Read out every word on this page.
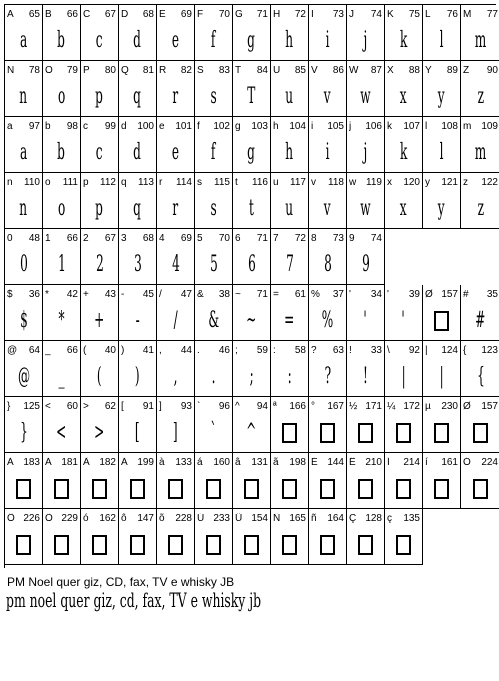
A 65
a
B 66
b
C 67
c
D 68
d
E 69
e
F 70
f
G 71
g
H 72
h
I 73
i
J 74
j
K 75
k
L 76
l
M 77
m
N 78
n
O 79
o
P 80
p
Q 81
q
R 82
r
S 83
s
T 84
T
U 85
u
V 86
v
W 87
w
X 88
x
Y 89
y
Z 90
z
a 97
a
b 98
b
c 99
c
d 100
d
e 101
e
f 102
f
g 103
g
h 104
h
i 105
i
j 106
j
k 107
k
l 108
l
m 109
m
n 110
n
o 111
o
p 112
p
q 113
q
r 114
r
s 115
s
t 116
t
u 117
u
v 118
v
w 119
w
x 120
x
y 121
y
z 122
z
0 48
0
1 66
1
2 67
2
3 68
3
4 69
4
5 70
5
6 71
6
7 72
7
8 73
8
9 74
9
$ 36
$
* 42
*
+ 43
+
- 45
-
/ 47
/
& 38
&
~ 71
~
= 61
=
% 37
%
' 34
'
' 39
'
Ø 157 # 35
#
@ 64
@
_ 66
_
( 40
(
) 41
)
, 44
,
. 46
.
; 59
;
: 58
:
? 63
?
! 33
!
\ 92
|
| 124
|
{ 123
{
} 125
}
< 60
<
> 62
>
[ 91
[
] 93
]
` 96
`
^ 94
^
ª 166 ° 167 ½ 171 ¼ 172 µ 230 Ø 157
À 183 Á 181 Â 182 Ã 199 à 133 á 160 â 131 ã 198 É 144 Ê 210 Í 214 í 161 Ó 224
Ô 226 Õ 229 ó 162 ô 147 õ 228 Ú 233 Ü 154 Ñ 165 ñ 164 Ç 128 ç 135
PM Noel quer giz, CD, fax, TV e whisky JB
pm noel quer giz, cd, fax, TV e whisky jb
